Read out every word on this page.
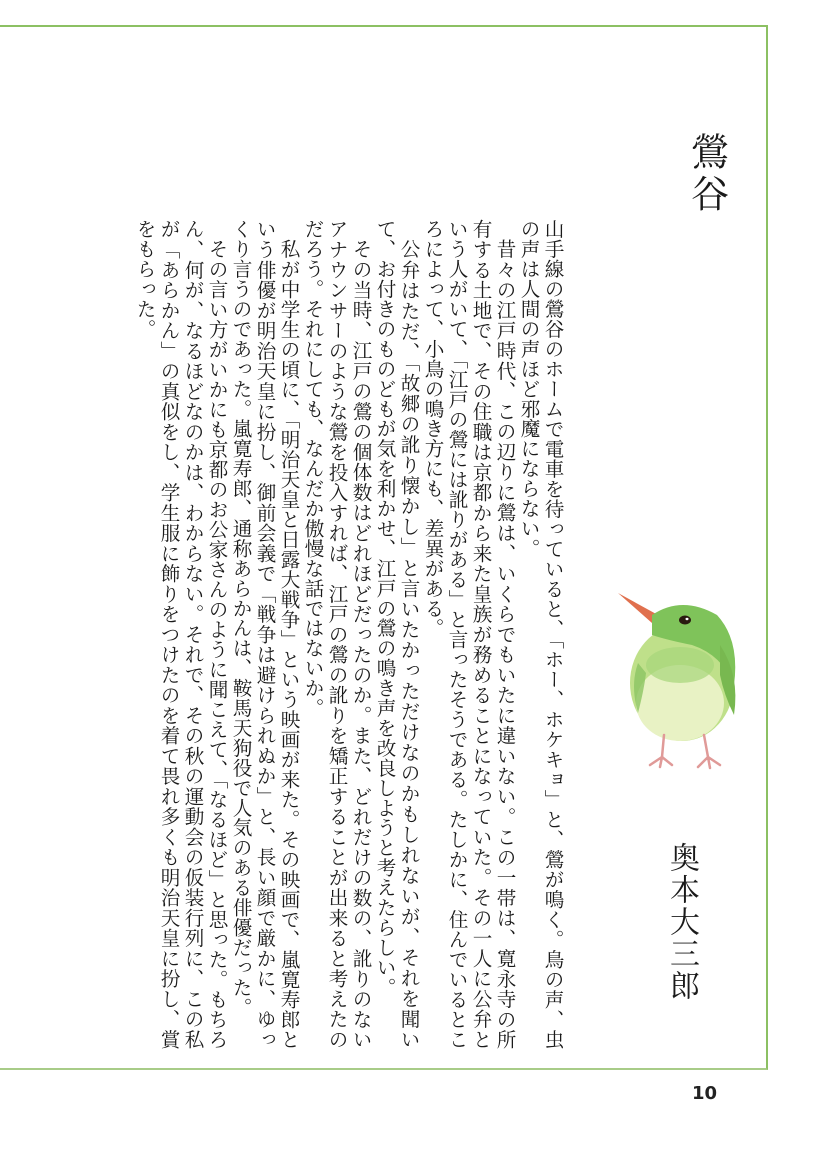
鶯谷

山手線の鶯谷のホームで電車を待っていると、「ホー、ホケキョ」と、鶯が鳴く。鳥の声、虫の声は人間の声ほど邪魔にならない。

昔々の江戸時代、この辺りに鶯は、いくらでもいたに違いない。この一帯は、寛永寺の所有する土地で、その住職は京都から来た皇族が務めることになっていた。その一人に公弁という人がいて、「江戸の鶯には訛りがある」と言ったそうである。たしかに、住んでいるところによって、小鳥の鳴き方にも、差異がある。

公弁はただ、「故郷の訛り懐かし」と言いたかっただけなのかもしれないが、それを聞いて、お付きのものどもが気を利かせ、江戸の鶯の鳴き声を改良しようと考えたらしい。

その当時、江戸の鶯の個体数はどれほどだったのか。また、どれだけの数の、訛りのないアナウンサーのような鶯を投入すれば、江戸の鶯の訛りを矯正することが出来ると考えたのだろう。それにしても、なんだか傲慢な話ではないか。

私が中学生の頃に、「明治天皇と日露大戦争」という映画が来た。その映画で、嵐寛寿郎という俳優が明治天皇に扮し、御前会義で「戦争は避けられぬか」と、長い顔で厳かに、ゆっくり言うのであった。嵐寛寿郎、通称あらかんは、鞍馬天狗役で人気のある俳優だった。

その言い方がいかにも京都のお公家さんのように聞こえて、「なるほど」と思った。もちろん、何が、なるほどなのかは、わからない。それで、その秋の運動会の仮装行列に、この私が「あらかん」の真似をし、学生服に飾りをつけたのを着て畏れ多くも明治天皇に扮し、賞をもらった。

奥本大三郎
10
